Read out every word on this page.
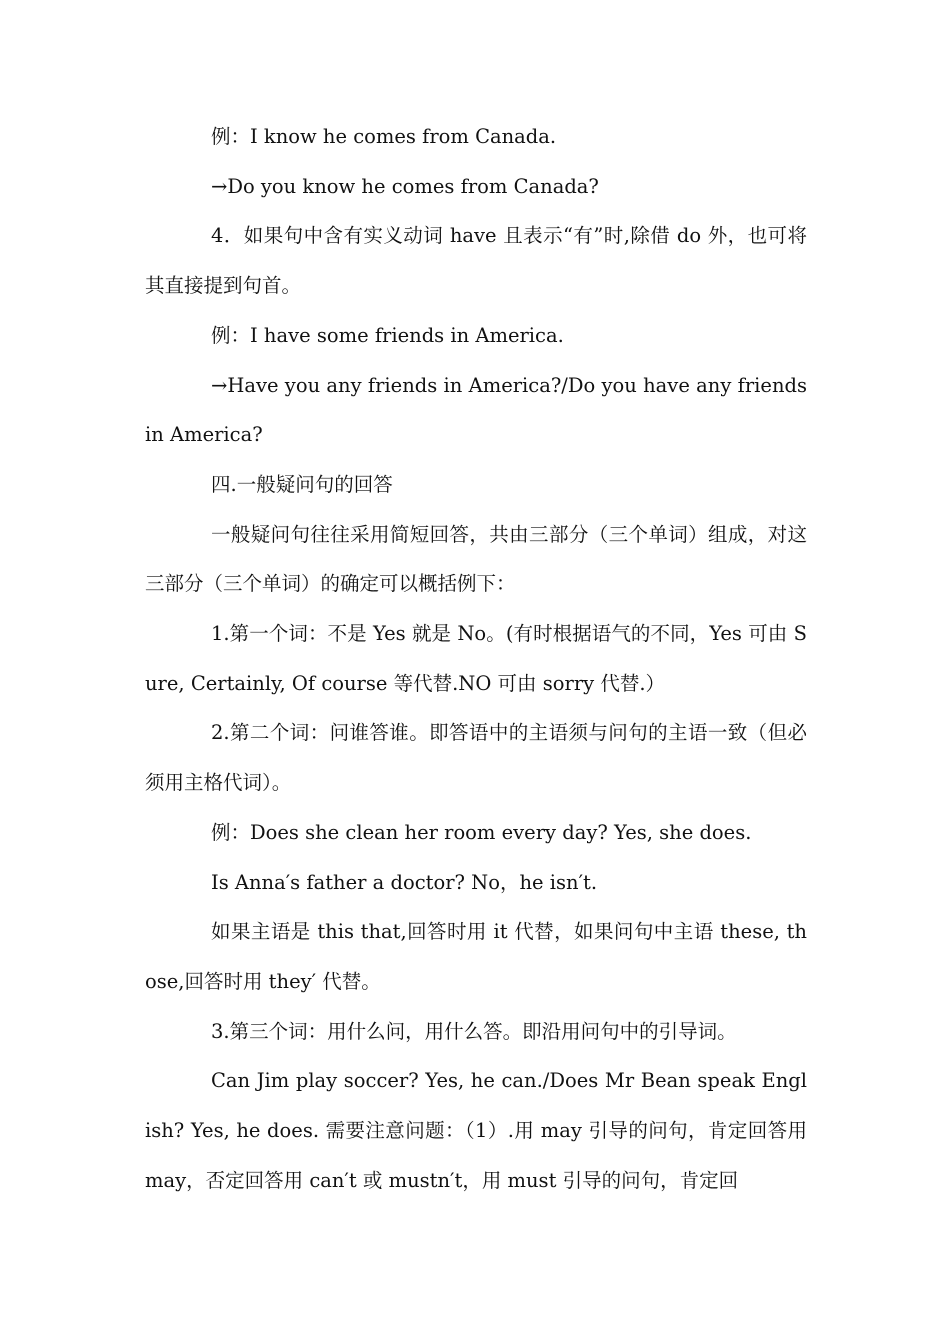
例：I know he comes from Canada.

→Do you know he comes from Canada?

4．如果句中含有实义动词 have 且表示“有”时,除借 do 外，也可将其直接提到句首。

例：I have some friends in America.

→Have you any friends in America?/Do you have any friends in America?

四.一般疑问句的回答

一般疑问句往往采用简短回答，共由三部分（三个单词）组成，对这三部分（三个单词）的确定可以概括例下：

1.第一个词：不是 Yes 就是 No。(有时根据语气的不同，Yes 可由 Sure, Certainly, Of course 等代替.NO 可由 sorry 代替.）

2.第二个词：问谁答谁。即答语中的主语须与问句的主语一致（但必须用主格代词）。

例：Does she clean her room every day? Yes, she does.

Is Anna′s father a doctor? No，he isn′t.

如果主语是 this that,回答时用 it 代替，如果问句中主语 these, those,回答时用 they′ 代替。

3.第三个词：用什么问，用什么答。即沿用问句中的引导词。

Can Jim play soccer? Yes, he can./Does Mr Bean speak English? Yes, he does. 需要注意问题：（1）.用 may 引导的问句，肯定回答用 may，否定回答用 can′t 或 mustn′t，用 must 引导的问句，肯定回
